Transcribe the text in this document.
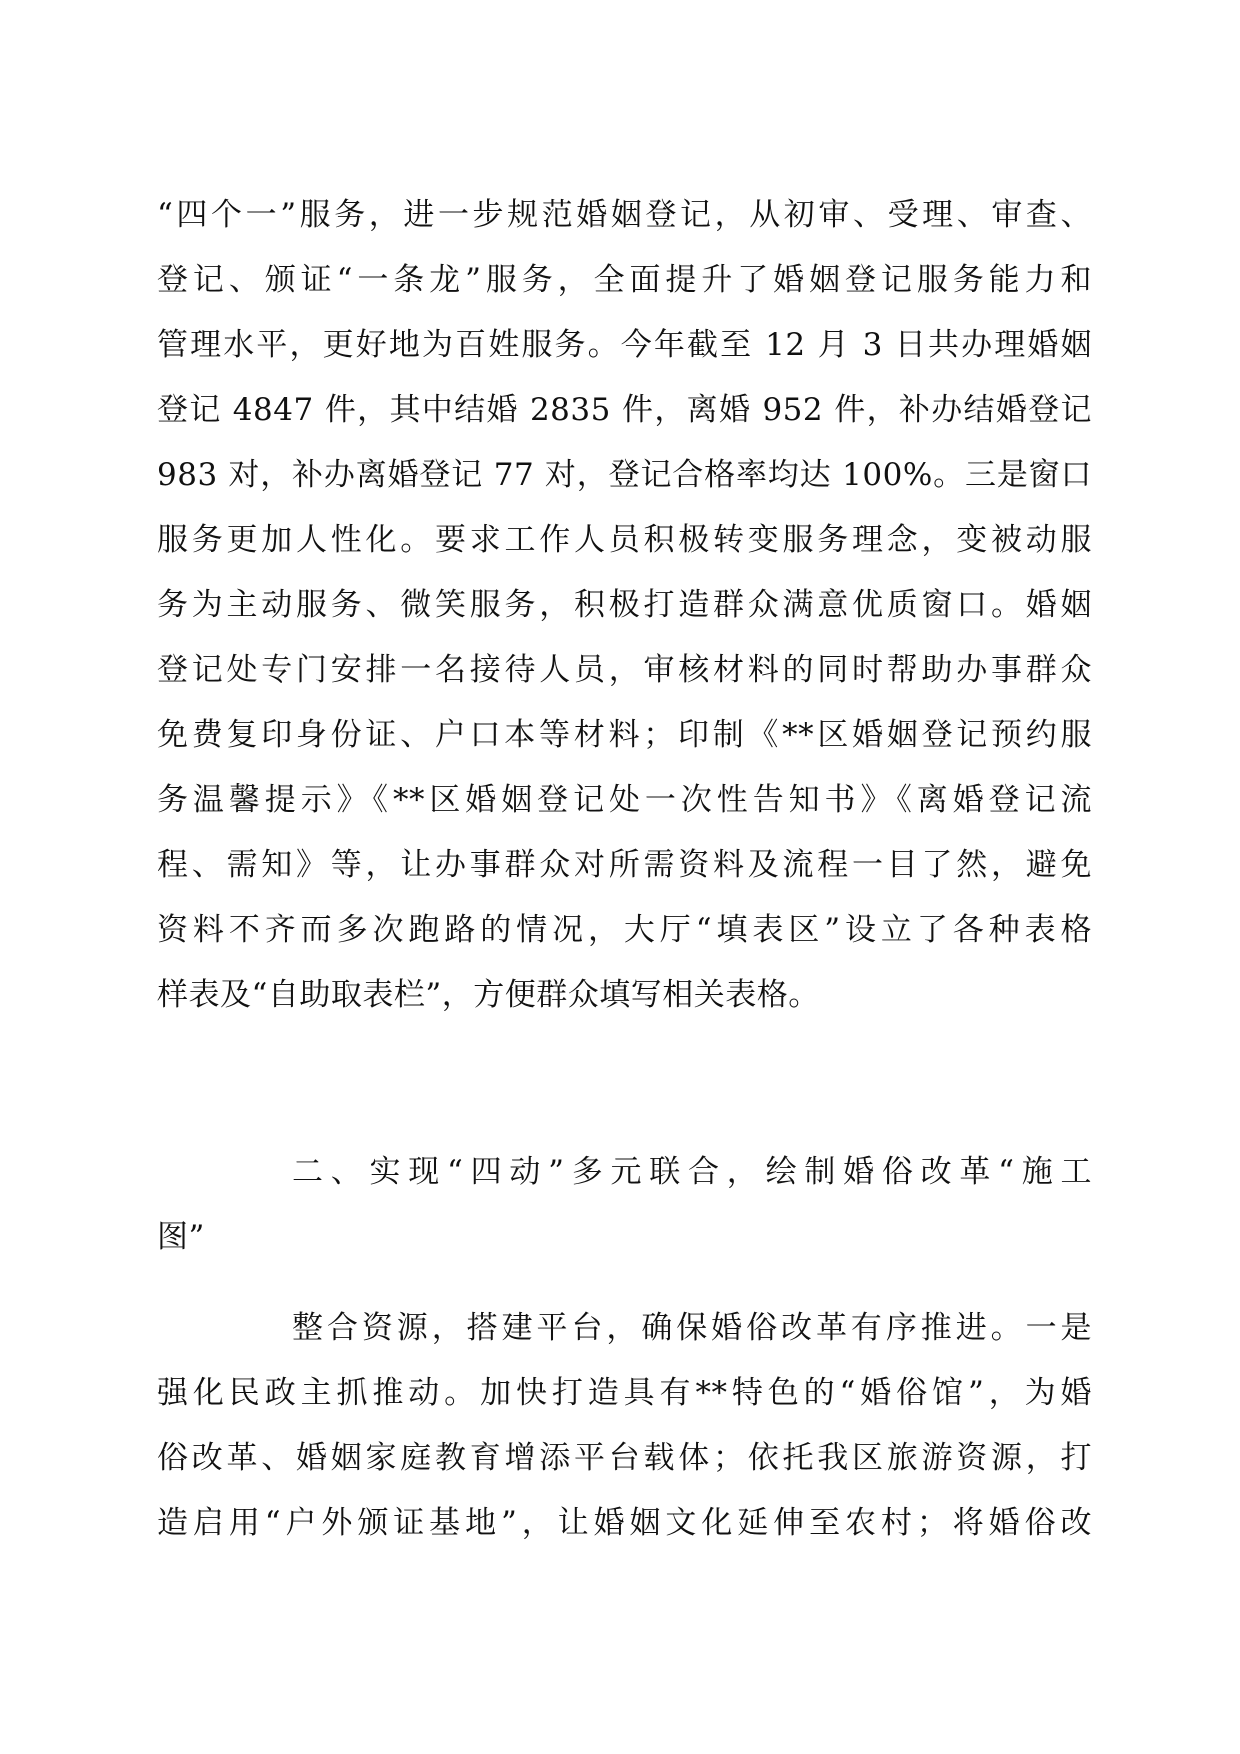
“四个一”服务，进一步规范婚姻登记，从初审、受理、审查、
登记、颁证“一条龙”服务，全面提升了婚姻登记服务能力和
管理水平，更好地为百姓服务。今年截至 12 月 3 日共办理婚姻
登记 4847 件，其中结婚 2835 件，离婚 952 件，补办结婚登记
983 对，补办离婚登记 77 对，登记合格率均达 100%。三是窗口
服务更加人性化。要求工作人员积极转变服务理念，变被动服
务为主动服务、微笑服务，积极打造群众满意优质窗口。婚姻
登记处专门安排一名接待人员，审核材料的同时帮助办事群众
免费复印身份证、户口本等材料；印制《**区婚姻登记预约服
务温馨提示》《**区婚姻登记处一次性告知书》《离婚登记流
程、需知》等，让办事群众对所需资料及流程一目了然，避免
资料不齐而多次跑路的情况，大厅“填表区”设立了各种表格
样表及“自助取表栏”，方便群众填写相关表格。
二、实现“四动”多元联合，绘制婚俗改革“施工
图”
整合资源，搭建平台，确保婚俗改革有序推进。一是
强化民政主抓推动。加快打造具有**特色的“婚俗馆”，为婚
俗改革、婚姻家庭教育增添平台载体；依托我区旅游资源，打
造启用“户外颁证基地”，让婚姻文化延伸至农村；将婚俗改
